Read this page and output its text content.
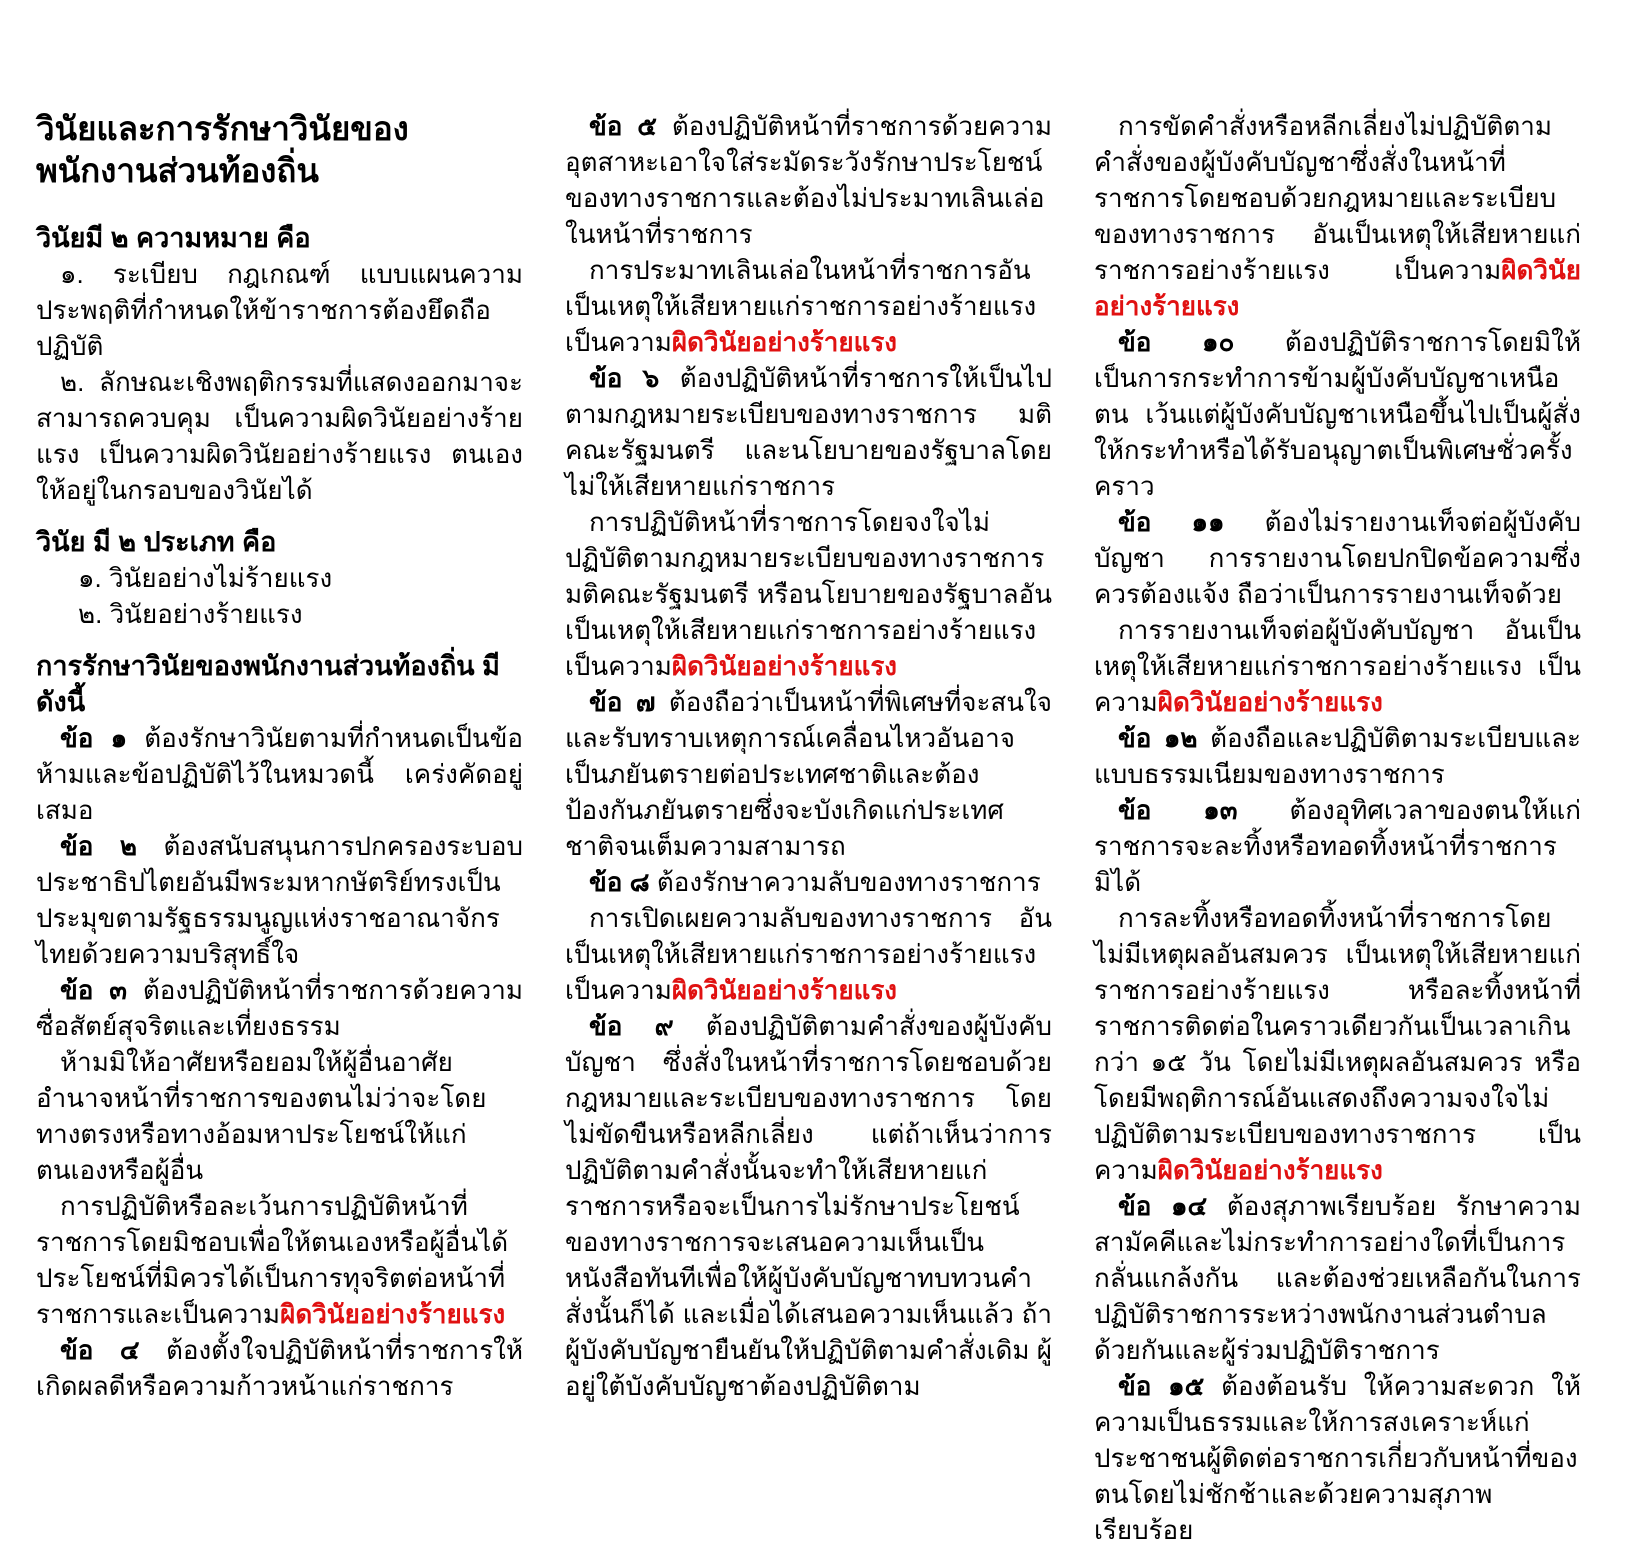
วินัยและการรักษาวินัยของพนักงานส่วนท้องถิ่น
วินัยมี ๒ ความหมาย คือ
๑. ระเบียบ กฎเกณฑ์ แบบแผนความประพฤติที่กำหนดให้ข้าราชการต้องยึดถือปฏิบัติ
๒. ลักษณะเชิงพฤติกรรมที่แสดงออกมาจะสามารถควบคุม เป็นความผิดวินัยอย่างร้ายแรง เป็นความผิดวินัยอย่างร้ายแรง ตนเองให้อยู่ในกรอบของวินัยได้
วินัย มี ๒ ประเภท คือ
๑. วินัยอย่างไม่ร้ายแรง
๒. วินัยอย่างร้ายแรง
การรักษาวินัยของพนักงานส่วนท้องถิ่น มีดังนี้
ข้อ ๑ ต้องรักษาวินัยตามที่กำหนดเป็นข้อห้ามและข้อปฏิบัติไว้ในหมวดนี้ เคร่งคัดอยู่เสมอ
ข้อ ๒ ต้องสนับสนุนการปกครองระบอบประชาธิปไตยอันมีพระมหากษัตริย์ทรงเป็นประมุขตามรัฐธรรมนูญแห่งราชอาณาจักรไทยด้วยความบริสุทธิ์ใจ
ข้อ ๓ ต้องปฏิบัติหน้าที่ราชการด้วยความซื่อสัตย์สุจริตและเที่ยงธรรม
ห้ามมิให้อาศัยหรือยอมให้ผู้อื่นอาศัยอำนาจหน้าที่ราชการของตนไม่ว่าจะโดยทางตรงหรือทางอ้อมหาประโยชน์ให้แก่ตนเองหรือผู้อื่น
การปฏิบัติหรือละเว้นการปฏิบัติหน้าที่ราชการโดยมิชอบเพื่อให้ตนเองหรือผู้อื่นได้ประโยชน์ที่มิควรได้เป็นการทุจริตต่อหน้าที่ราชการและเป็นความผิดวินัยอย่างร้ายแรง
ข้อ ๔ ต้องตั้งใจปฏิบัติหน้าที่ราชการให้เกิดผลดีหรือความก้าวหน้าแก่ราชการ
ข้อ ๕ ต้องปฏิบัติหน้าที่ราชการด้วยความอุตสาหะเอาใจใส่ระมัดระวังรักษาประโยชน์ของทางราชการและต้องไม่ประมาทเลินเล่อในหน้าที่ราชการ
การประมาทเลินเล่อในหน้าที่ราชการอันเป็นเหตุให้เสียหายแก่ราชการอย่างร้ายแรง เป็นความผิดวินัยอย่างร้ายแรง
ข้อ ๖ ต้องปฏิบัติหน้าที่ราชการให้เป็นไปตามกฎหมายระเบียบของทางราชการ มติคณะรัฐมนตรี และนโยบายของรัฐบาลโดยไม่ให้เสียหายแก่ราชการ
การปฏิบัติหน้าที่ราชการโดยจงใจไม่ปฏิบัติตามกฎหมายระเบียบของทางราชการ มติคณะรัฐมนตรี หรือนโยบายของรัฐบาลอันเป็นเหตุให้เสียหายแก่ราชการอย่างร้ายแรง เป็นความผิดวินัยอย่างร้ายแรง
ข้อ ๗ ต้องถือว่าเป็นหน้าที่พิเศษที่จะสนใจและรับทราบเหตุการณ์เคลื่อนไหวอันอาจเป็นภยันตรายต่อประเทศชาติและต้องป้องกันภยันตรายซึ่งจะบังเกิดแก่ประเทศชาติจนเต็มความสามารถ
ข้อ ๘ ต้องรักษาความลับของทางราชการ
การเปิดเผยความลับของทางราชการ อันเป็นเหตุให้เสียหายแก่ราชการอย่างร้ายแรง เป็นความผิดวินัยอย่างร้ายแรง
ข้อ ๙ ต้องปฏิบัติตามคำสั่งของผู้บังคับบัญชา ซึ่งสั่งในหน้าที่ราชการโดยชอบด้วยกฎหมายและระเบียบของทางราชการ โดยไม่ขัดขืนหรือหลีกเลี่ยง แต่ถ้าเห็นว่าการปฏิบัติตามคำสั่งนั้นจะทำให้เสียหายแก่ราชการหรือจะเป็นการไม่รักษาประโยชน์ของทางราชการจะเสนอความเห็นเป็นหนังสือทันทีเพื่อให้ผู้บังคับบัญชาทบทวนคำสั่งนั้นก็ได้ และเมื่อได้เสนอความเห็นแล้ว ถ้าผู้บังคับบัญชายืนยันให้ปฏิบัติตามคำสั่งเดิม ผู้อยู่ใต้บังคับบัญชาต้องปฏิบัติตาม
การขัดคำสั่งหรือหลีกเลี่ยงไม่ปฏิบัติตามคำสั่งของผู้บังคับบัญชาซึ่งสั่งในหน้าที่ราชการโดยชอบด้วยกฎหมายและระเบียบของทางราชการ อันเป็นเหตุให้เสียหายแก่ราชการอย่างร้ายแรง เป็นความผิดวินัยอย่างร้ายแรง
ข้อ ๑๐ ต้องปฏิบัติราชการโดยมิให้เป็นการกระทำการข้ามผู้บังคับบัญชาเหนือตน เว้นแต่ผู้บังคับบัญชาเหนือขึ้นไปเป็นผู้สั่งให้กระทำหรือได้รับอนุญาตเป็นพิเศษชั่วครั้งคราว
ข้อ ๑๑ ต้องไม่รายงานเท็จต่อผู้บังคับบัญชา การรายงานโดยปกปิดข้อความซึ่งควรต้องแจ้ง ถือว่าเป็นการรายงานเท็จด้วย
การรายงานเท็จต่อผู้บังคับบัญชา อันเป็นเหตุให้เสียหายแก่ราชการอย่างร้ายแรง เป็นความผิดวินัยอย่างร้ายแรง
ข้อ ๑๒ ต้องถือและปฏิบัติตามระเบียบและแบบธรรมเนียมของทางราชการ
ข้อ ๑๓ ต้องอุทิศเวลาของตนให้แก่ราชการจะละทิ้งหรือทอดทิ้งหน้าที่ราชการมิได้
การละทิ้งหรือทอดทิ้งหน้าที่ราชการโดยไม่มีเหตุผลอันสมควร เป็นเหตุให้เสียหายแก่ราชการอย่างร้ายแรง หรือละทิ้งหน้าที่ราชการติดต่อในคราวเดียวกันเป็นเวลาเกินกว่า ๑๕ วัน โดยไม่มีเหตุผลอันสมควร หรือโดยมีพฤติการณ์อันแสดงถึงความจงใจไม่ปฏิบัติตามระเบียบของทางราชการ เป็นความผิดวินัยอย่างร้ายแรง
ข้อ ๑๔ ต้องสุภาพเรียบร้อย รักษาความสามัคคีและไม่กระทำการอย่างใดที่เป็นการกลั่นแกล้งกัน และต้องช่วยเหลือกันในการปฏิบัติราชการระหว่างพนักงานส่วนตำบลด้วยกันและผู้ร่วมปฏิบัติราชการ
ข้อ ๑๕ ต้องต้อนรับ ให้ความสะดวก ให้ความเป็นธรรมและให้การสงเคราะห์แก่ประชาชนผู้ติดต่อราชการเกี่ยวกับหน้าที่ของตนโดยไม่ชักช้าและด้วยความสุภาพเรียบร้อย
